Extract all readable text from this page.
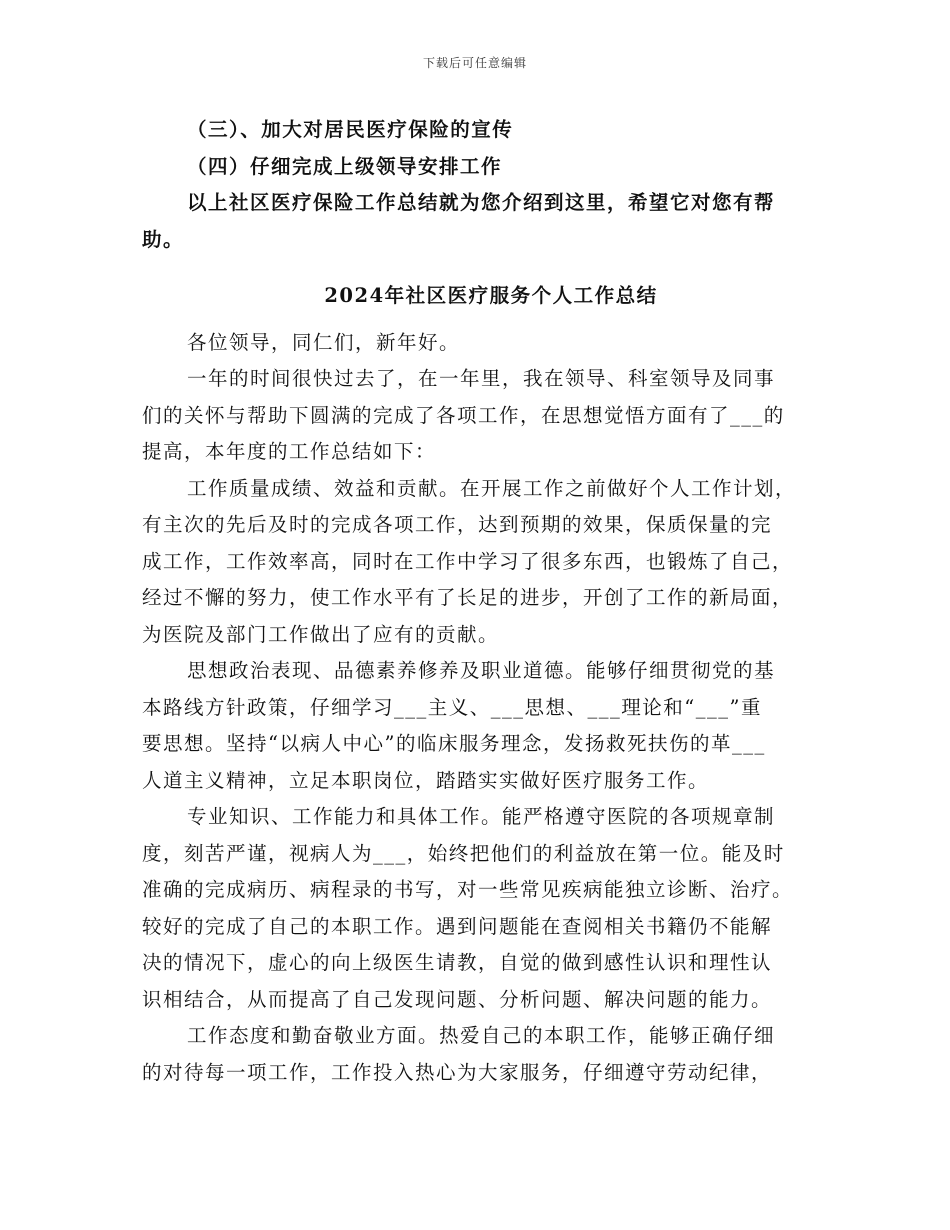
下载后可任意编辑
（三）、加大对居民医疗保险的宣传
（四）仔细完成上级领导安排工作
以上社区医疗保险工作总结就为您介绍到这里，希望它对您有帮
助。
2024年社区医疗服务个人工作总结
各位领导，同仁们，新年好。
一年的时间很快过去了，在一年里，我在领导、科室领导及同事
们的关怀与帮助下圆满的完成了各项工作，在思想觉悟方面有了___的
提高，本年度的工作总结如下：
工作质量成绩、效益和贡献。在开展工作之前做好个人工作计划，
有主次的先后及时的完成各项工作，达到预期的效果，保质保量的完
成工作，工作效率高，同时在工作中学习了很多东西，也锻炼了自己，
经过不懈的努力，使工作水平有了长足的进步，开创了工作的新局面，
为医院及部门工作做出了应有的贡献。
思想政治表现、品德素养修养及职业道德。能够仔细贯彻党的基
本路线方针政策，仔细学习___主义、___思想、___理论和“___”重
要思想。坚持“以病人中心”的临床服务理念，发扬救死扶伤的革___
人道主义精神，立足本职岗位，踏踏实实做好医疗服务工作。
专业知识、工作能力和具体工作。能严格遵守医院的各项规章制
度，刻苦严谨，视病人为___，始终把他们的利益放在第一位。能及时
准确的完成病历、病程录的书写，对一些常见疾病能独立诊断、治疗。
较好的完成了自己的本职工作。遇到问题能在查阅相关书籍仍不能解
决的情况下，虚心的向上级医生请教，自觉的做到感性认识和理性认
识相结合，从而提高了自己发现问题、分析问题、解决问题的能力。
工作态度和勤奋敬业方面。热爱自己的本职工作，能够正确仔细
的对待每一项工作，工作投入热心为大家服务，仔细遵守劳动纪律，
